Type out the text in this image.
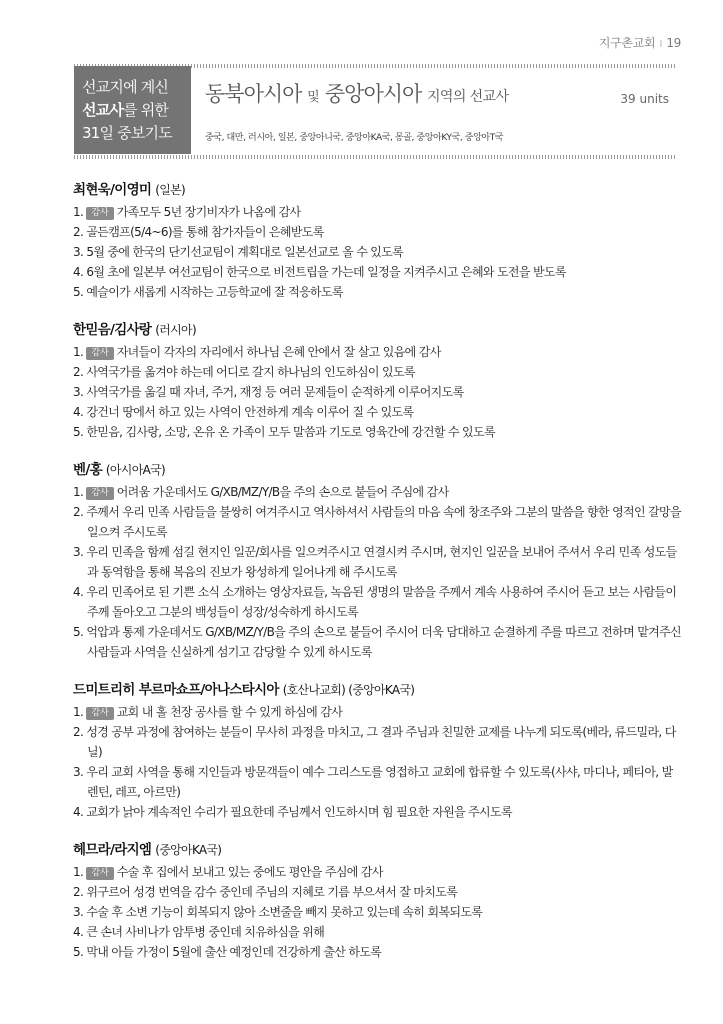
지구촌교회 ı 19
선교지에 계신
선교사를 위한
31일 중보기도
동북아시아 및 중앙아시아 지역의 선교사	39 units
중국, 대만, 러시아, 일본, 중앙아니국, 중앙아KA국, 몽골, 중앙아KY국, 중앙아T국
최현욱/이영미 (일본)
1. 감사 가족모두 5년 장기비자가 나옴에 감사
2. 골든캠프(5/4~6)를 통해 참가자들이 은혜받도록
3. 5월 중에 한국의 단기선교팀이 계획대로 일본선교로 올 수 있도록
4. 6월 초에 일본부 여선교팀이 한국으로 비전트립을 가는데 일정을 지켜주시고 은혜와 도전을 받도록
5. 예슬이가 새롭게 시작하는 고등학교에 잘 적응하도록
한믿음/김사랑 (러시아)
1. 감사 자녀들이 각자의 자리에서 하나님 은혜 안에서 잘 살고 있음에 감사
2. 사역국가를 옮겨야 하는데 어디로 갈지 하나님의 인도하심이 있도록
3. 사역국가를 옮길 때 자녀, 주거, 재정 등 여러 문제들이 순적하게 이루어지도록
4. 강건너 땅에서 하고 있는 사역이 안전하게 계속 이루어 질 수 있도록
5. 한믿음, 김사랑, 소망, 온유 온 가족이 모두 말씀과 기도로 영육간에 강건할 수 있도록
벤/홍 (아시아A국)
1. 감사 어려움 가운데서도 G/XB/MZ/Y/B을 주의 손으로 붙들어 주심에 감사
2. 주께서 우리 민족 사람들을 불쌍히 여겨주시고 역사하셔서 사람들의 마음 속에 창조주와 그분의 말씀을 향한 영적인 갈망을 일으켜 주시도록
3. 우리 민족을 함께 섬길 현지인 일꾼/회사를 일으켜주시고 연결시켜 주시며, 현지인 일꾼을 보내어 주셔서 우리 민족 성도들과 동역함을 통해 복음의 진보가 왕성하게 일어나게 해 주시도록
4. 우리 민족어로 된 기쁜 소식 소개하는 영상자료들, 녹음된 생명의 말씀을 주께서 계속 사용하여 주시어 듣고 보는 사람들이 주께 돌아오고 그분의 백성들이 성장/성숙하게 하시도록
5. 억압과 통제 가운데서도 G/XB/MZ/Y/B을 주의 손으로 붙들어 주시어 더욱 담대하고 순결하게 주를 따르고 전하며 맡겨주신 사람들과 사역을 신실하게 섬기고 감당할 수 있게 하시도록
드미트리히 부르마쇼프/아나스타시아 (호산나교회) (중앙아KA국)
1. 감사 교회 내 홀 천장 공사를 할 수 있게 하심에 감사
2. 성경 공부 과정에 참여하는 분들이 무사히 과정을 마치고, 그 결과 주님과 친밀한 교제를 나누게 되도록(베라, 류드밀라, 다닐)
3. 우리 교회 사역을 통해 지인들과 방문객들이 예수 그리스도를 영접하고 교회에 합류할 수 있도록(사샤, 마디나, 페티아, 발렌틴, 레프, 아르만)
4. 교회가 낡아 계속적인 수리가 필요한데 주님께서 인도하시며 힘 필요한 자원을 주시도록
헤므라/라지엠 (중앙아KA국)
1. 감사 수술 후 집에서 보내고 있는 중에도 평안을 주심에 감사
2. 위구르어 성경 번역을 감수 중인데 주님의 지혜로 기름 부으셔서 잘 마치도록
3. 수술 후 소변 기능이 회복되지 않아 소변줄을 빼지 못하고 있는데 속히 회복되도록
4. 큰 손녀 사비나가 암투병 중인데 치유하심을 위해
5. 막내 아들 가정이 5월에 출산 예정인데 건강하게 출산 하도록
